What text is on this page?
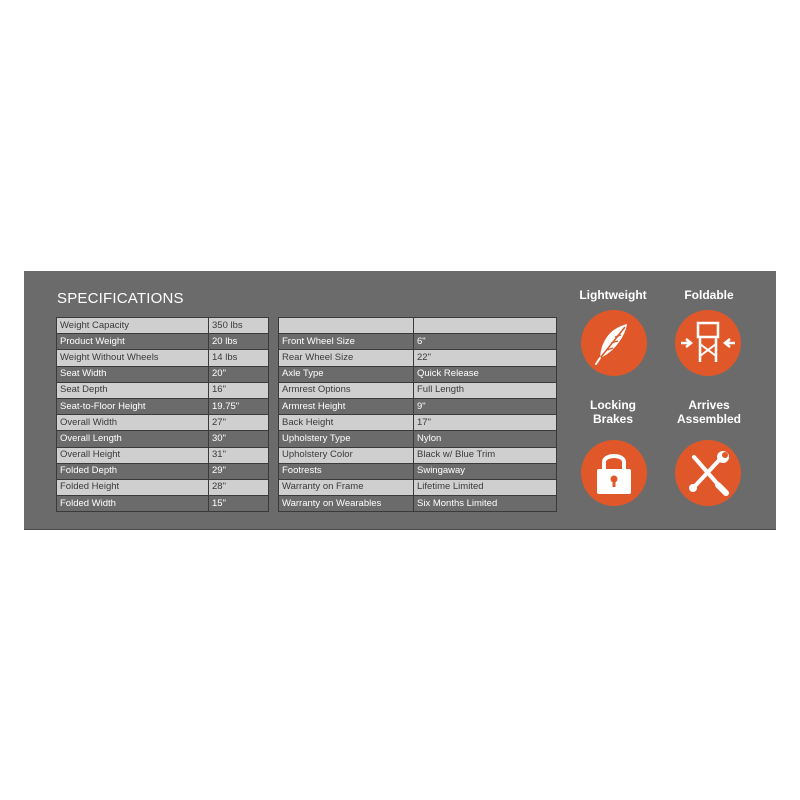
SPECIFICATIONS
Weight Capacity	350 lbs
Product Weight	20 lbs
Weight Without Wheels	14 lbs
Seat Width	20"
Seat Depth	16"
Seat-to-Floor Height	19.75"
Overall Width	27"
Overall Length	30"
Overall Height	31"
Folded Depth	29"
Folded Height	28"
Folded Width	15"

Front Wheel Size	6"
Rear Wheel Size	22"
Axle Type	Quick Release
Armrest Options	Full Length
Armrest Height	9"
Back Height	17"
Upholstery Type	Nylon
Upholstery Color	Black w/ Blue Trim
Footrests	Swingaway
Warranty on Frame	Lifetime Limited
Warranty on Wearables	Six Months Limited
Lightweight	Foldable
Locking
Brakes
Arrives
Assembled
